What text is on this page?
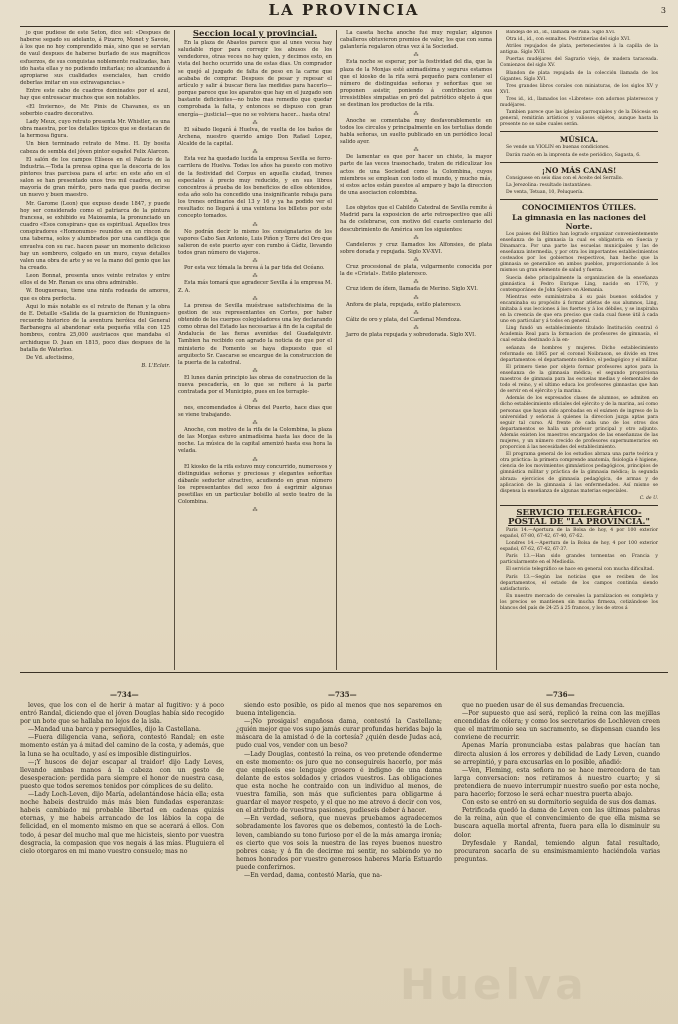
LA PROVINCIA	3

jo que pudiese de este Seton, dice sel: «Despues de haberse segado su adelanto, á Pizarro, Monet y Savoie, á los que no hoy comprendido más, sino que se servian de vaul despues de haberse burlado de sus magníficos esfuerzos, de sus conquistas noblemente realizadas, han ido hasta ellas y no pudiendo imitarlas; no alcanzando á apropiarse sus cualidades esenciales, han creido deberlas imitar en sus extravagancias.»

Entre este cabo de cuadros dominados por el azul, hay que entresacar muchos que son notables.

«El Invierno», de Mr. Pinis de Chavanes, es un soberbio cuadro decorativo.

Lady Meux, cuyo retrato presenta Mr. Whistler, es una obra maestra, por los detalles tipicos que se destacan de la hermosa figura.

Un bien terminado retrato de Mme. H. Dy bosita cabeza de sembla del jóven pintor español Felix Alarcon.

El salón de los campos Elíseos en el Palacio de la Industria.—Toda la prensa opina que la descoria de los pintores tras parcisoa para el arte: en este año en el salon se han presentado unos tres mil cuadros, en su mayoría de gran mérito, pero nada que pueda decirse un nuevo y buen maestro.

Mr. Garome (Leon) que expuso desde 1847, y puede hoy ser considerado como el patriarca de la pintura francesa, se exhibido su Maizeamia, la pronunciado un cuadro «Esos conspiran» que es espiritual. Aquellos tres conspiradores «Homonumo» reunidos en un rincon de una taberna, solos y alumbrados por una candileja que envuelva con su rac. hacen pasar un momento delicioso hay un sombrero, colgado en un muro, cuyas detalles valen una obra de arte y se ve la mano del genio que las ha creado.

Leon Bonnat, presenta unos veinte retratos y entre ellos el de Mr. Renan es una obra admirable.

W. Bouguereau, tiene una ninfa rodeada de amores, que es obra perfecta.

Aqui lo más notable es el retrato de Renan y la obra de E. Detaille «Salida de la guarnicion de Huninguen» recuerdo historico de la aventura heróica del General Barbanegra al abandonar esta pequeña villa con 125 hombres, contra 25,000 austriacos que mandaba el archiduque D. Juan en 1815, poco dias despues de la batalla de Waterloo.

De Vd. afectisimo,

B. L'Eclair.

Seccion local y provincial.

En la plaza de Abastos parece que al unes vecea hay saludable rigor para corregir los abusos de los vendedores, otras veces no hay quien, y decimos esto, en vista del hecho ocurrido una de estas dias. Un comprador se quejó al juzgado de falta de peso en la carne que acababa de comprar. Despues de pesar y repesar el artículo y salir á buscar fiera las medidas para hacerlo—porque parece que los aparatos que hay en el juzgado son bastante deficientes—no hubo mas remedio que quedar comprobada la falta, y entonces se dispuso con gran energía—¡justiciaI—que no se volviera hacer... hasta otra!

⁂

El sábado llegará á Huelva, de vuelta de los baños de Archena, nuestro querido amigo Don Rafael Lopez, Alcalde de la capital.

⁂

Esta vez ha quedado lucida la empresa Sevilla se ferro-carrilera de Huelva. Todas los años ha puesto con motivo de la festividad del Corpus en aquella ciudad, trenes especiales á precio muy reducido, y en sus libres concentros á prueba de los beneficios de ellos obtenidos, esta año solo ha concedido una insignificante rebaja para los trenes ordinarios del 13 y 16 y ya ha podido ver el resultado: no llegará á una veintena los billetes por este concepto tomados.

⁂

No podrán decir lo mismo los consignatarios de los vapores Cabo San Antonio, Luis Piñon y Torre del Oro que salieron de este puerto ayer con rumbo á Cádiz, llevando todos gran número de viajeros.

⁂

Por esta vez tómala la breva á la par tida del Océano.

⁂

Esta más tomará que agradecer Sevilla á la empresa M. Z. A.

⁂

La prensa de Sevilla muéstrase satisfechisima de la gestion de sus representantes en Cortes, por haber obtenido de los cuerpos colegisladores una ley declarando como obras del Estado las necesarias á fin de la capital de Andalucía de las fieras avenidas del Guadalquivir. Tambien ha recibido con agrado la noticia de que por el ministerio de Fomento se haya dispuesto que el arquitecto Sr. Cascarse se encargue de la construccion de la puerta de la catedral.

⁂

El lunes darán principio las obras de construccion de la nueva pescadería, en lo que se refiere á la parte contratada por el Municipio, pues en los terraple-

⁂

nes, encomendados á Obras del Puerto, hace dias que se viene trabajando.

⁂

Anoche, con motivo de la rifa de la Colombina, la plaza de las Monjas estuvo animadísima hasta las doce de la noche. La música de la capital amenizó hasta esa hora la velada.

⁂

El kiosko de la rifa estuvo muy concurrido, numerosos y distinguidas señoras y preciosas y elegantes señoritas dábanle seductor atractivo, acudiendo en gran número los representantes del sexo feo á esgrimir algunas pesetillas en un particular bolsillo al sexto teatro de la Colombina.

⁂

La caseta hecha anoche fué muy regular; algunos caballeros obtuvieron premios de valor, los que con suma galantería regalaron otras vez á la Sociedad.

⁂

Esta noche se esperar, por la festividad del dia, que la plaza de la Monjas esté animadísima y segurus estamos que el kiosko de la rifa será pequeño para contener el número de distinguidas señoras y señoritas que se proponen asistir, poniendo á contribucion sus irresistibles simpatias en pró del patriótico objeto á que se destinan los productos de la rifa.

⁂

Anoche se comentaba muy desfavorablemente en todos los circulos y principalmente en los tertulias donde habla señoras, un suelto publicado en un periódico local salido ayer.

⁂

De lamentar es que por hacer un chiste, la mayor parte de las veces trasnochado, traten de ridiculizar los actos de una Sociedad como la Colombina, cuyos miembros se emplean con todo el mundo, y mucho más, si estos actos están puestos al amparo y bajo la direccion de una asociacion colombina.

⁂

Los objetos que el Cabildo Catedral de Sevilla remite á Madrid para la exposicion de arte retrospectivo que allí ha de celebrarse, con motivo del cuarto centenario del descubrimiento de América son los siguientes:

⁂

Candeleros y cruz llamados los Alfonsies, de plata sobre dorada y repujada. Siglo XV-XVI.

⁂

Cruz procesional de plata, vulgarmente conocida por la de «Cristal». Estilo plateresco.

⁂

Cruz idem de ídem, llamada de Merino. Siglo XVI.

⁂

Anfora de plata, repujada, estilo plateresco.

⁂

Cáliz de oro y plata, del Cardenal Mendoza.

⁂

Jarro de plata repujada y sobredorada. Siglo XVI.

Bandeja de id., id., llamada de Palla. Siglo XVI.

Otra id., id., con esmaltes. Postrimerías del siglo XVI.

Atriles repujados de plata, pertenecientes á la capilla de la antigua. Siglo XVII.

Puertas mudéjares del Sagrario viejo, de madera taraceada. Comienzos del siglo XV.

Blandon de plata repujada de la colección llamada de los Gigantes. Siglo XVI.

Tres grandes libros corales con miniaturas, de los siglos XV y XVI.

Tres id., id., llamados los «Libretes» con adornos platerescos y mudéjares.

Tambien parece que las iglesias parroquiales y de la Diócesis en general, remitirán artísticos y valiosos objetos, aunque hasta la presente no se sabe cuales serán.

MÚSICA.

Se vende un VIOLIN en buenas condiciones.

Darán razón en la imprenta de este periódico, Sagasta, 6.

¡NO MÁS CANAS!

Consiguese en seis dias con el Aceite del Serrallo.

La Jerezolina: resultado instantáneo.

De venta, Tetuan, 10, Peluquería.

CONOCIMIENTOS ÚTILES.

La gimnasia en las naciones del Norte.

Los paises del Báltico han logrado organizar convenientemente enseñanza de la gimnasia la cual es obligatoria en Suecia y Dinamarca. Por una parte las escuelas municipales y las de enseñanza intermedia, y por otra los importantes establecimientos costeados por los gobiernos respectivos, han hecho que la gimnasia se generalice en ambos pueblos, proporcionando á los mismos un gran elemento de salud y fuerza.

Suecia debe principalmente la organizacion de la enseñanza gimnástica á Pedro Enrique Ling, nacido en 1776, y contemporáneo de John Spiers en Alemania.

Mientras este suministraba á su pais buenos soldados y encaminaba su propósito á formar atletas de sus alumnos, Ling, imitaba á sus lecciones á los fuertes y á los débiles, y se inspiraba en la creencia de que era preciso que cada cual fuese útil á cada uno en particular y á todos en general.

Ling fundó un establecimiento titulado Institución central ó Academia Real para la formacion de profesores de gimnasia, el cual estaba destinado á la en-

señanza de hombres y mujeres. Dicho establecimiento reformado en 1865 por el coronel Noibrason, se divide en tres departamentos: el departamento médico, el pedagógico y el militar.

El primero tiene por objeto formar profesores aptos para la enseñanza de la gimnasia médica; el segundo proporciona maestros de gimnasia para las escuelas medias y elementales de todo el reino, y el ultimo educa los profesores gimnastas que han de servir en el ejército y la marina.

Además de los expresados clases de alumnos, se admiten en dicho establecimiento oficiales del ejército y de la marina, así como personas que hayan sido aprobadas en el exámen de ingreso de la universidad y señoras á quienes la direccion juzga aptas para seguir tal curso. Al frente de cada uno de los otros dos departamentos se halla un profesor principal y otro adjunto. Además existen los maestros encargados de las enseñanzas de las mujeres, y un número crecido de profesores supernumerarios en proporcion á las necesidades del establecimiento.

El programa general de los estudios abraza una parte teórica y otra práctica: la primera comprende anatomía, fisiología é higiene, ciencia de los movimientos gimnásticos pedagógicos, principios de gimnástica militar y práctica de la gimnasia médica; la segunda abraza: ejercicios de gimnasia pedagógica, de armas y de aplicacion de la gimnasia á las enfermedades. Así mismo se dispensa la enseñanza de algunas materias especiales.

C. de U.

SERVICIO TELEGRÁFICO-POSTAL DE "LA PROVINCIA."

París 14.—Apertura de la Bolsa de hoy, 4 por 100 exterior español, 67·80, 67·42, 67·40, 67·62.

Londres 14.—Apertura de la Bolsa de hoy, 4 por 100 exterior español, 67·62, 67·42, 67·37.

París 13.—Han sido grandes tormentas en Francia y particularmente en el Mediodía.

El servicio telegráfico se hace en general con mucha dificultad.

París 13.—Según las noticias que se reciben de los departamentos, el estado de los campos continúa siendo satisfactorio.

En nuestro mercado de cereales la paralizacion es completa y los precios se mantienen sin mucha firmeza, cotizándose los blancos del país de 24·25 á 25 francos, y los de otros á

—734—	—735—	—736—

leves, que los con el de herir á matar al fugitivo: y á poco entró Randal, diciendo que el jóven Douglas había sido recogido por un bote que se hallaba no lejos de la isla.

—Mandad una barca y perseguidles, dijo la Castellana.

—Fuera diligencia vana, señora, contestó Randal; en este momento están ya á mitad del camino de la costa, y además, que la luna se ha ocultado, y así es imposible distinguirlos.

—¡Y huscos de dejar escapar al traidor! dijo Lady Leves, llevando ambas manos á la cabeza con un gesto de desesperacion: perdida para siempre el honor de nuestra casa, puesto que todos seremos tenidos por cómplices de su delito.

—Lady Loch-Leven, dijo María, adelantándose hácia ella; esta noche habeis destruido más más bien fundadas esperanzas: habeis cambiado mi probable libertad en cadenas quizás eternas, y me habeis arrancado de los lábios la copa de felicidad, en el momento mismo en que se acerará á ellos. Con todo, á pesar del mucho mal que me hicisteis, siento por vuestra desgracia, la compasion que vos negais á las mías. Pluguiera el cielo otorgaros en mi mano vuestro consuelo; mas no

siendo esto posible, os pido al menos que nos separemos en buena inteligencia.

—¡No prosigais! engañosa dama, contestó la Castellana; ¿quién mejor que vos supo jamás curar profundas heridas bajo la máscara de la amistad ó de la cortesía? ¿quién desde Judas acá, pudo cual vos, vender con un beso?

—Lady Douglas, contestó la reina, os veo pretende ofenderme en este momento: os juro que no conseguireis hacerlo, por más que empleeis ese lenguaje grosero é indigno de una dama delante de estos soldados y criados vuestros. Las obligaciones que esta noche he contraido con un individuo al menos, de vuestra familia, son más que suficientes para obligarme á guardar el mayor respeto, y el que no me atrevo á decir con vos, en el atributo de vuestras pasiones, pudieseis deber á hacer.

—En verdad, señora, que nuevas pruebamos agradecemos sobradamente los favores que os debemos, contestó la de Loch-leven, cambiando su tono furioso por el de la más amarga ironía; es cierto que vos sois la nuestra de las reyes buenos nuestro pobres casa; y á fin de decirme mi sentir, no sabiendo yo no hemos honrados por vuestro generosos haberes María Estuardo puede conferirnos.

—En verdad, dama, contestó María, que na-

que no pueden usar de él sus demandas frecuencia.

—Por supuesto que así será, replicó la reina con las mejillas encendidas de cólera; y como los secretarios de Lochleven creen que el matrimonio sea un sacramento, se dispensan cuando les conviene de recurrir.

Apenas María pronunciaba estas palabras que hacían tan directa alusion á los errores y debilidad de Lady Leven, cuando se arrepintió, y para excusarlas en lo posible, añadió:

—Ven, Fleming, esta señora no se hace merecedora de tan larga conversacion: nos retiramos á nuestro cuarto; y si pretendiera de nuevo interrumpir nuestro sueño por esta noche, para hacerlo; forzoso le será echar nuestra puerta abajo.

Con esto se entró en su dormitorio seguida de sus dos damas.

Petrificada quedó la dama de Leven con las últimas palabras de la reina, aún que el convencimiento de que ella misma se buscara aquella mortal afrenta, fuera para ella lo disminuir su dolor.

Dryfesdale y Randal, temiendo algun fatal resultado, procuraron sacarla de su ensimismamiento haciéndola varias preguntas.

Huelva
